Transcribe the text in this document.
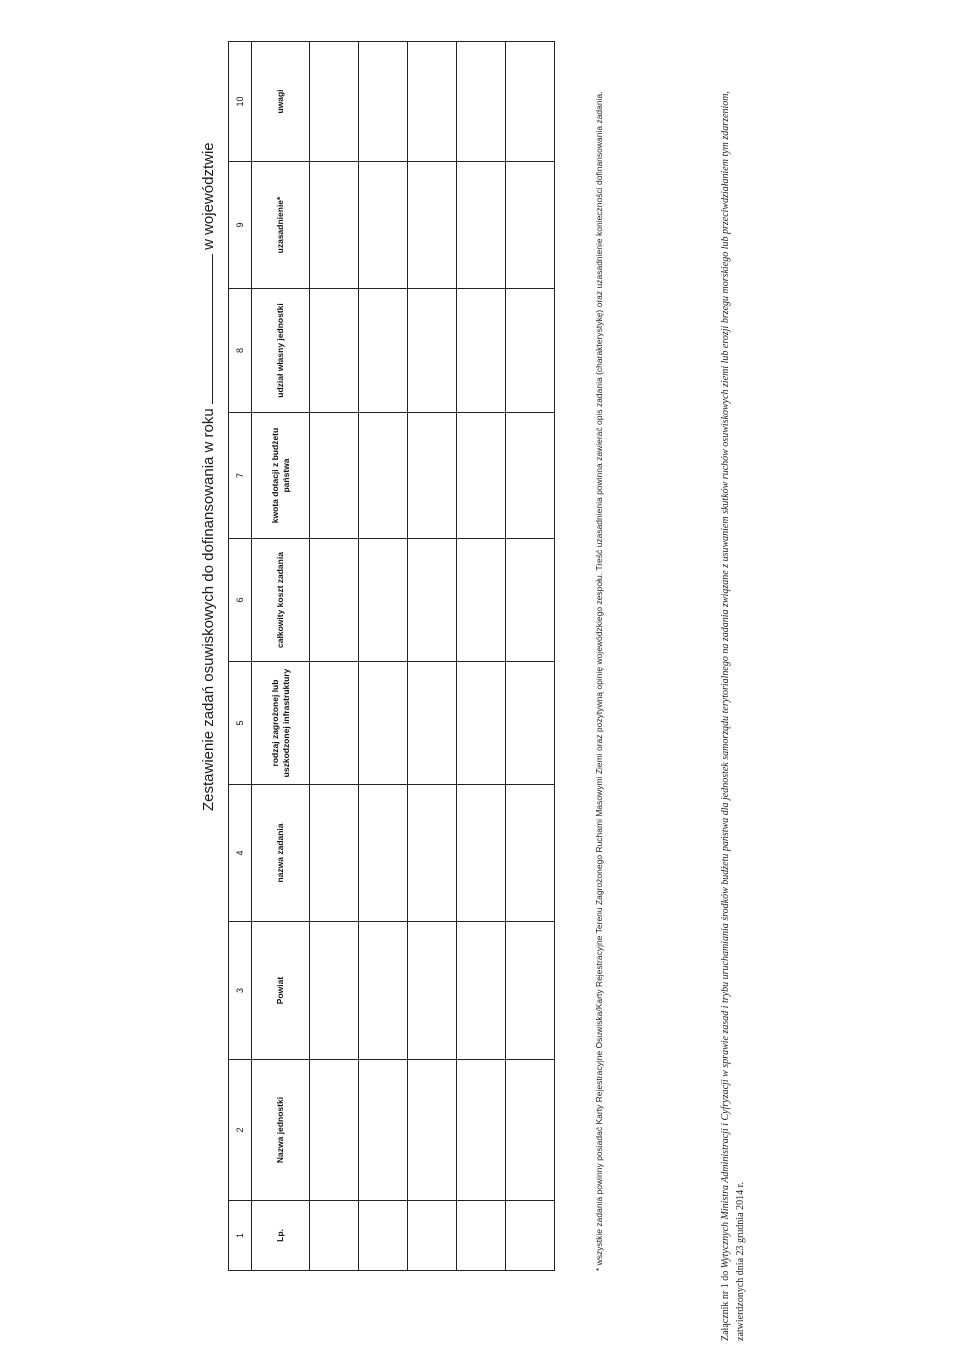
Zestawienie zadań osuwiskowych do dofinansowania w roku  w województwie
1	2	3	4	5	6	7	8	9	10
Lp.	Nazwa jednostki	Powiat	nazwa zadania	rodzaj zagrożonej lub uszkodzonej infrastruktury	całkowity koszt zadania	kwota dotacji z budżetu państwa	udział własny jednostki	uzasadnienie*	uwagi

										* wszystkie zadania powinny posiadać Karty Rejestracyjne Osuwiska/Karty Rejestracyjne Terenu Zagrożonego Ruchami Masowymi Ziemi oraz pozytywną opinię wojewódzkiego zespołu. Treść uzasadnienia powinna zawierać opis zadania (charakterystykę) oraz uzasadnienie konieczności dofinansowania zadania.
Załącznik nr 1 do Wytycznych Ministra Administracji i Cyfryzacji w sprawie zasad i trybu uruchamiania środków budżetu państwa dla jednostek samorządu terytorialnego na zadania związane z usuwaniem skutków ruchów osuwiskowych ziemi lub erozji brzegu morskiego lub przeciwdziałaniem tym zdarzeniom, zatwierdzonych dnia 23 grudnia 2014 r.
